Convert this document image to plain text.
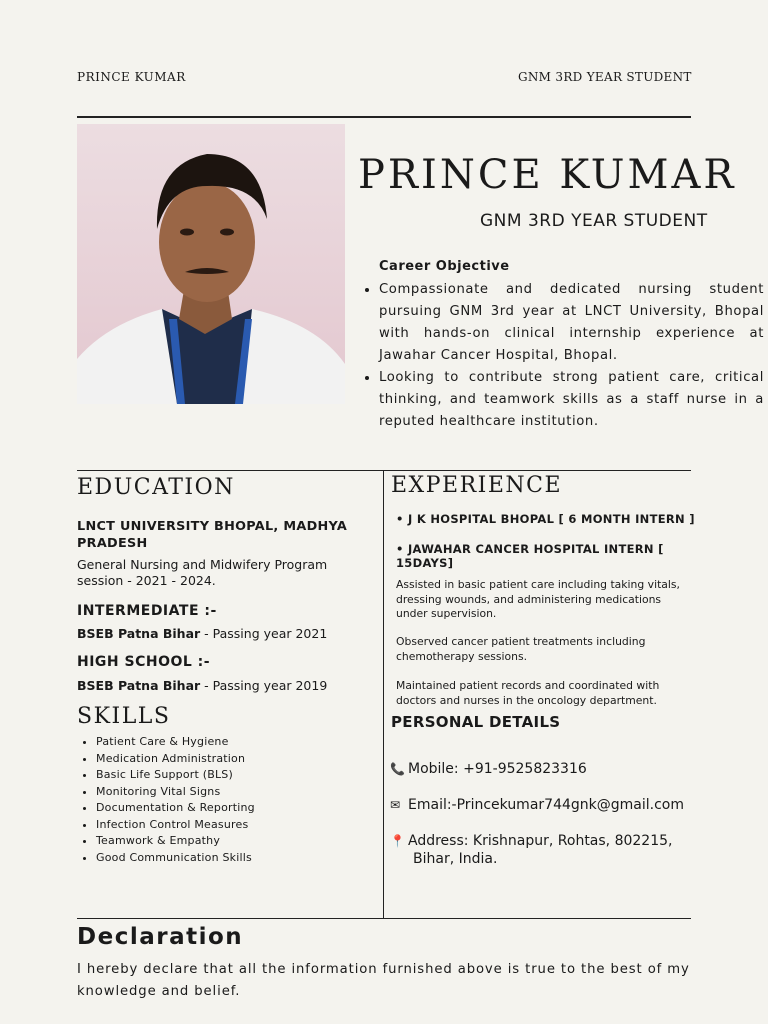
PRINCE KUMAR	GNM 3RD YEAR STUDENT
PRINCE KUMAR
GNM 3RD YEAR STUDENT
Career Objective
• Compassionate and dedicated nursing student pursuing GNM 3rd year at LNCT University, Bhopal with hands-on clinical internship experience at Jawahar Cancer Hospital, Bhopal.
• Looking to contribute strong patient care, critical thinking, and teamwork skills as a staff nurse in a reputed healthcare institution.
EDUCATION
LNCT UNIVERSITY BHOPAL, MADHYA PRADESH
General Nursing and Midwifery Program session - 2021 - 2024.
INTERMEDIATE :-
BSEB Patna Bihar - Passing year 2021
HIGH SCHOOL :-
BSEB Patna Bihar - Passing year 2019
SKILLS
• Patient Care & Hygiene
• Medication Administration
• Basic Life Support (BLS)
• Monitoring Vital Signs
• Documentation & Reporting
• Infection Control Measures
• Teamwork & Empathy
• Good Communication Skills
EXPERIENCE
• J K HOSPITAL BHOPAL [ 6 MONTH INTERN ]
• JAWAHAR CANCER HOSPITAL INTERN [ 15DAYS]
Assisted in basic patient care including taking vitals, dressing wounds, and administering medications under supervision.
Observed cancer patient treatments including chemotherapy sessions.
Maintained patient records and coordinated with doctors and nurses in the oncology department.
PERSONAL DETAILS
📞 Mobile: +91-9525823316
✉ Email:-Princekumar744gnk@gmail.com
📍 Address: Krishnapur, Rohtas, 802215,
Bihar, India.
Declaration
I hereby declare that all the information furnished above is true to the best of my knowledge and belief.
